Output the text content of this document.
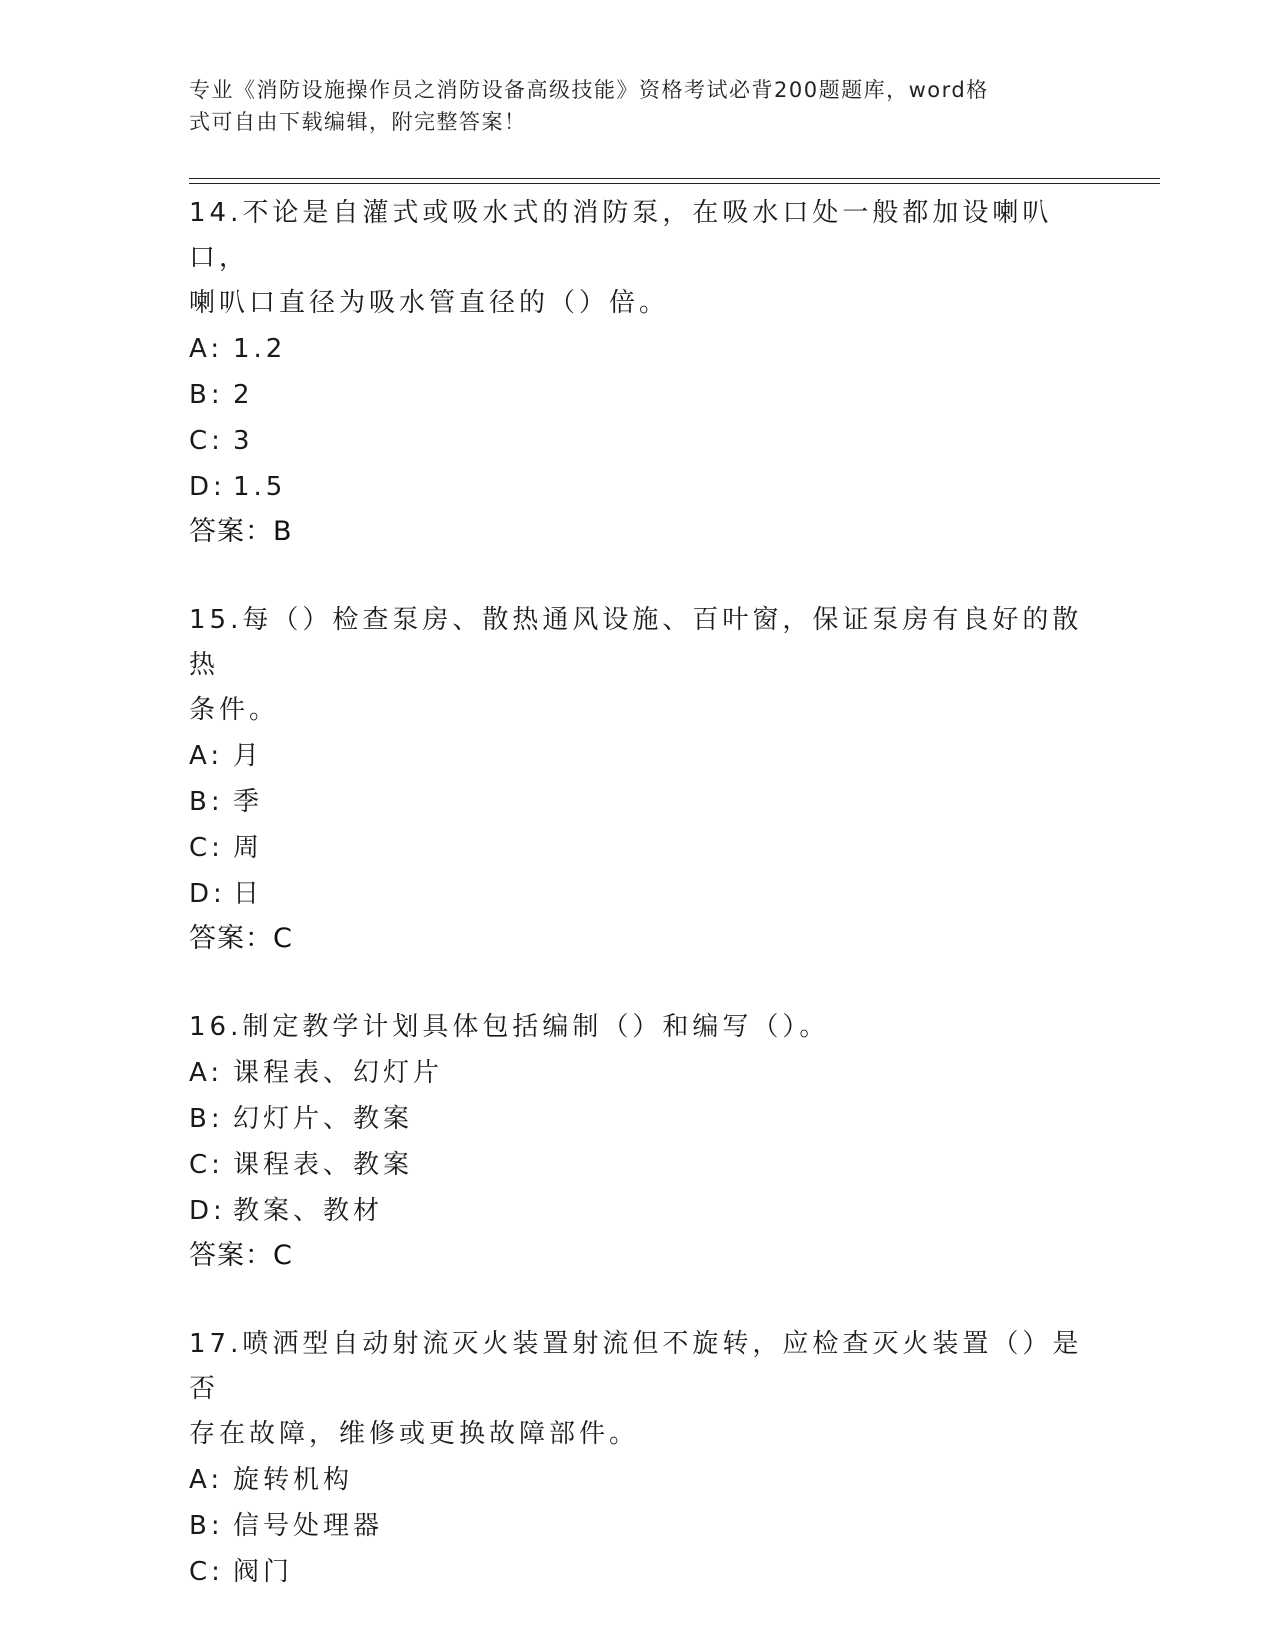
专业《消防设施操作员之消防设备高级技能》资格考试必背200题题库，word格
式可自由下载编辑，附完整答案！

14.不论是自灌式或吸水式的消防泵，在吸水口处一般都加设喇叭口，

喇叭口直径为吸水管直径的（）倍。

A: 1.2
B: 2
C: 3
D: 1.5

答案：B

15.每（）检查泵房、散热通风设施、百叶窗，保证泵房有良好的散热

条件。

A: 月
B: 季
C: 周
D: 日

答案：C

16.制定教学计划具体包括编制（）和编写（）。

A: 课程表、幻灯片
B: 幻灯片、教案
C: 课程表、教案
D: 教案、教材

答案：C

17.喷洒型自动射流灭火装置射流但不旋转，应检查灭火装置（）是否

存在故障，维修或更换故障部件。

A: 旋转机构
B: 信号处理器
C: 阀门
